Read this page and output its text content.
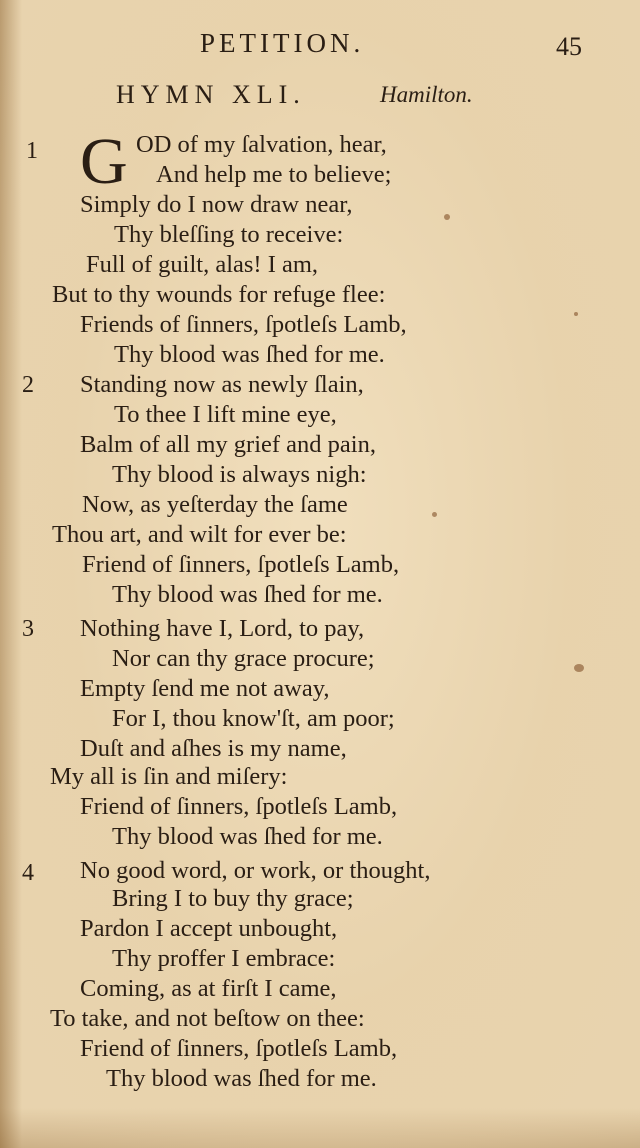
PETITION.	45
HYMN XLI.	Hamilton.
G
1	OD of my ſalvation, hear,
And help me to believe;
Simply do I now draw near,
Thy bleſſing to receive:
Full of guilt, alas! I am,
But to thy wounds for refuge flee:
Friends of ſinners, ſpotleſs Lamb,
Thy blood was ſhed for me.
2 Standing now as newly ſlain,
To thee I lift mine eye,
Balm of all my grief and pain,
Thy blood is always nigh:
Now, as yeſterday the ſame
Thou art, and wilt for ever be:
Friend of ſinners, ſpotleſs Lamb,
Thy blood was ſhed for me.
3 Nothing have I, Lord, to pay,
Nor can thy grace procure;
Empty ſend me not away,
For I, thou know'ſt, am poor;
Duſt and aſhes is my name,
My all is ſin and miſery:
Friend of ſinners, ſpotleſs Lamb,
Thy blood was ſhed for me.
4 No good word, or work, or thought,
Bring I to buy thy grace;
Pardon I accept unbought,
Thy proffer I embrace:
Coming, as at firſt I came,
To take, and not beſtow on thee:
Friend of ſinners, ſpotleſs Lamb,
Thy blood was ſhed for me.
